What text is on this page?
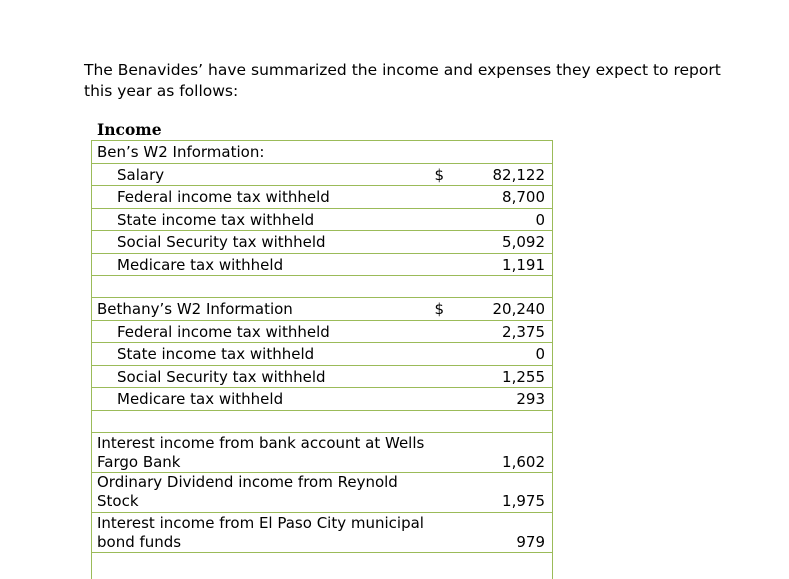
The Benavides’ have summarized the income and expenses they expect to report this year as follows:
Income
Ben’s W2 Information:		
Salary	$	82,122
Federal income tax withheld		8,700
State income tax withheld		0
Social Security tax withheld		5,092
Medicare tax withheld		1,191

Bethany’s W2 Information	$	20,240
Federal income tax withheld		2,375
State income tax withheld		0
Social Security tax withheld		1,255
Medicare tax withheld		293

Interest income from bank account at Wells Fargo Bank		1,602
Ordinary Dividend income from Reynold Stock		1,975
Interest income from El Paso City municipal bond funds		979
